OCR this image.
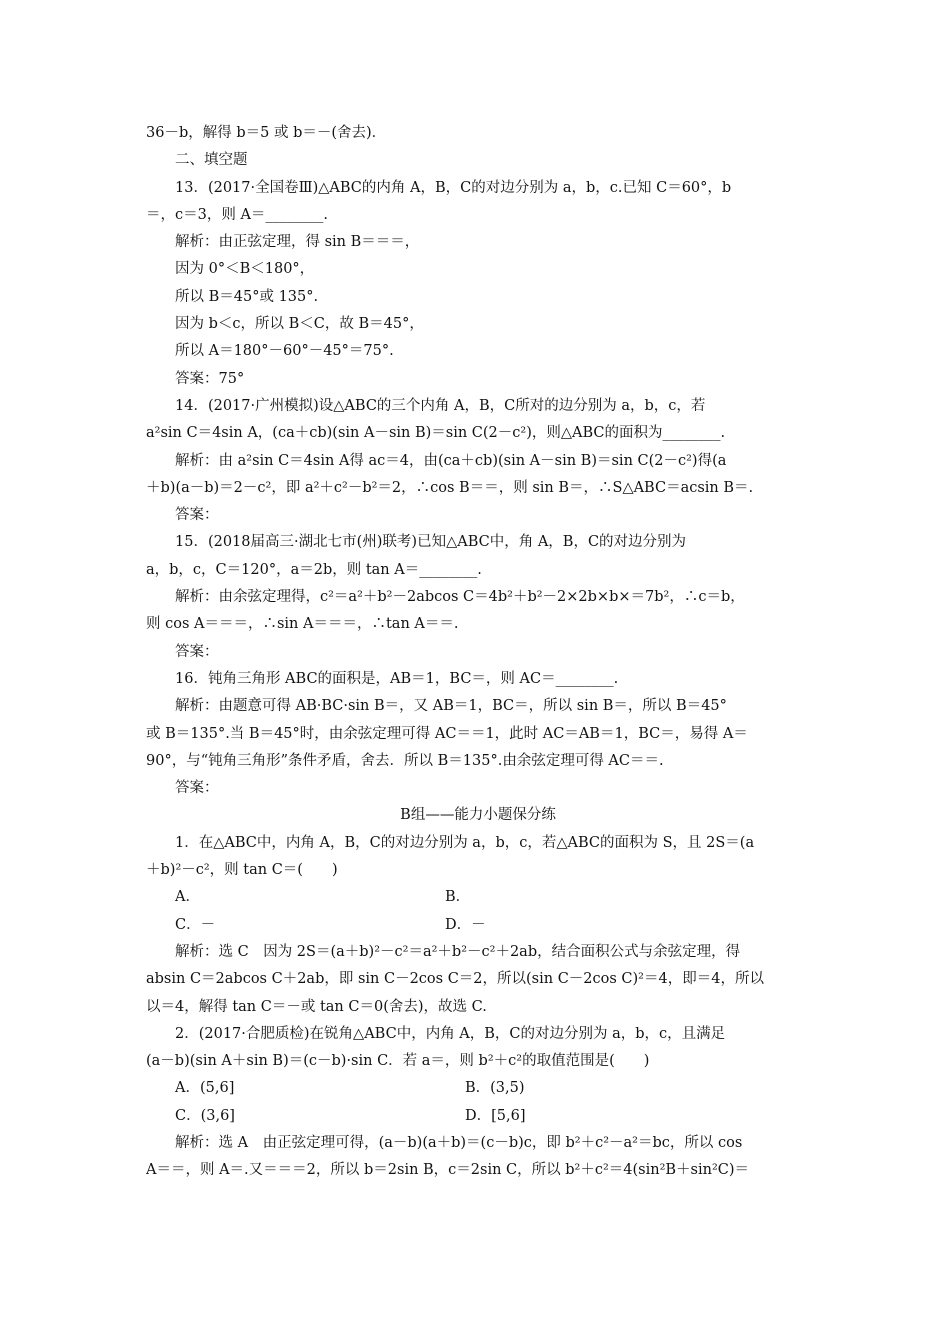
36－b，解得 b＝5 或 b＝－(舍去)．
二、填空题
13．(2017·全国卷Ⅲ)△ABC的内角 A，B，C的对边分别为 a，b，c.已知 C＝60°，b
＝，c＝3，则 A＝________.
解析：由正弦定理，得 sin B＝＝＝，
因为 0°＜B＜180°，
所以 B＝45°或 135°.
因为 b＜c，所以 B＜C，故 B＝45°，
所以 A＝180°－60°－45°＝75°.
答案：75°
14．(2017·广州模拟)设△ABC的三个内角 A，B，C所对的边分别为 a，b，c，若
a²sin C＝4sin A，(ca＋cb)(sin A－sin B)＝sin C(2－c²)，则△ABC的面积为________.
解析：由 a²sin C＝4sin A得 ac＝4，由(ca＋cb)(sin A－sin B)＝sin C(2－c²)得(a
＋b)(a－b)＝2－c²，即 a²＋c²－b²＝2，∴cos B＝＝，则 sin B＝，∴S△ABC＝acsin B＝.
答案：
15．(2018届高三·湖北七市(州)联考)已知△ABC中，角 A，B，C的对边分别为
a，b，c，C＝120°，a＝2b，则 tan A＝________.
解析：由余弦定理得，c²＝a²＋b²－2abcos C＝4b²＋b²－2×2b×b×＝7b²，∴c＝b，
则 cos A＝＝＝，∴sin A＝＝＝，∴tan A＝＝.
答案：
16．钝角三角形 ABC的面积是，AB＝1，BC＝，则 AC＝________.
解析：由题意可得 AB·BC·sin B＝，又 AB＝1，BC＝，所以 sin B＝，所以 B＝45°
或 B＝135°.当 B＝45°时，由余弦定理可得 AC＝＝1，此时 AC＝AB＝1，BC＝，易得 A＝
90°，与“钝角三角形”条件矛盾，舍去．所以 B＝135°.由余弦定理可得 AC＝＝.
答案：
B组——能力小题保分练
1．在△ABC中，内角 A，B，C的对边分别为 a，b，c，若△ABC的面积为 S，且 2S＝(a
＋b)²－c²，则 tan C＝(　　)
A．	B．
C．－	D．－
解析：选 C　因为 2S＝(a＋b)²－c²＝a²＋b²－c²＋2ab，结合面积公式与余弦定理，得
absin C＝2abcos C＋2ab，即 sin C－2cos C＝2，所以(sin C－2cos C)²＝4，即＝4，所以
以＝4，解得 tan C＝－或 tan C＝0(舍去)，故选 C.
2．(2017·合肥质检)在锐角△ABC中，内角 A，B，C的对边分别为 a，b，c，且满足
(a－b)(sin A＋sin B)＝(c－b)·sin C．若 a＝，则 b²＋c²的取值范围是(　　)
A．(5,6]	B．(3,5)
C．(3,6]	D．[5,6]
解析：选 A　由正弦定理可得，(a－b)(a＋b)＝(c－b)c，即 b²＋c²－a²＝bc，所以 cos
A＝＝，则 A＝.又＝＝＝2，所以 b＝2sin B，c＝2sin C，所以 b²＋c²＝4(sin²B＋sin²C)＝
